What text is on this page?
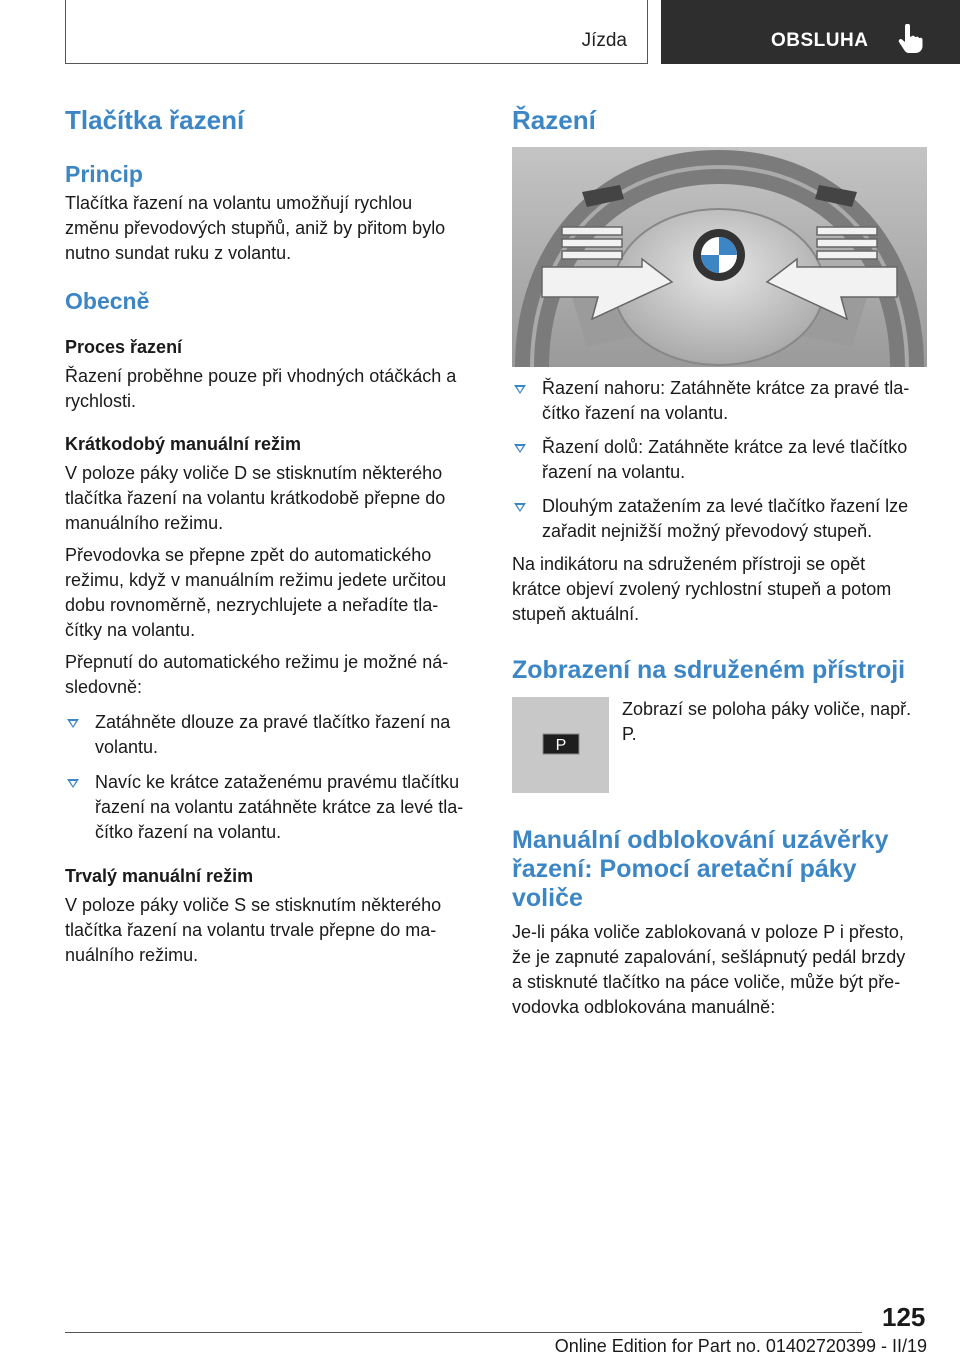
Jízda	OBSLUHA
Tlačítka řazení
Princip

Tlačítka řazení na volantu umožňují rychlou
změnu převodových stupňů, aniž by přitom bylo
nutno sundat ruku z volantu.

Obecně
Proces řazení

Řazení proběhne pouze při vhodných otáčkách a
rychlosti.

Krátkodobý manuální režim

V poloze páky voliče D se stisknutím některého
tlačítka řazení na volantu krátkodobě přepne do
manuálního režimu.

Převodovka se přepne zpět do automatického
režimu, když v manuálním režimu jedete určitou
dobu rovnoměrně, nezrychlujete a neřadíte tla‐
čítky na volantu.

Přepnutí do automatického režimu je možné ná‐
sledovně:

Zatáhněte dlouze za pravé tlačítko řazení na
volantu.
Navíc ke krátce zataženému pravému tlačítku
řazení na volantu zatáhněte krátce za levé tla‐
čítko řazení na volantu.
Trvalý manuální režim

V poloze páky voliče S se stisknutím některého
tlačítka řazení na volantu trvale přepne do ma‐
nuálního režimu.

Řazení
Řazení nahoru: Zatáhněte krátce za pravé tla‐
čítko řazení na volantu.
Řazení dolů: Zatáhněte krátce za levé tlačítko
řazení na volantu.
Dlouhým zatažením za levé tlačítko řazení lze
zařadit nejnižší možný převodový stupeň.

Na indikátoru na sdruženém přístroji se opět
krátce objeví zvolený rychlostní stupeň a potom
stupeň aktuální.

Zobrazení na sdruženém přístroji
P

Zobrazí se poloha páky voliče, např.
P.

Manuální odblokování uzávěrky
řazení: Pomocí aretační páky
voliče

Je-li páka voliče zablokovaná v poloze P i přesto,
že je zapnuté zapalování, sešlápnutý pedál brzdy
a stisknuté tlačítko na páce voliče, může být pře‐
vodovka odblokována manuálně:

125
Online Edition for Part no. 01402720399 - II/19
